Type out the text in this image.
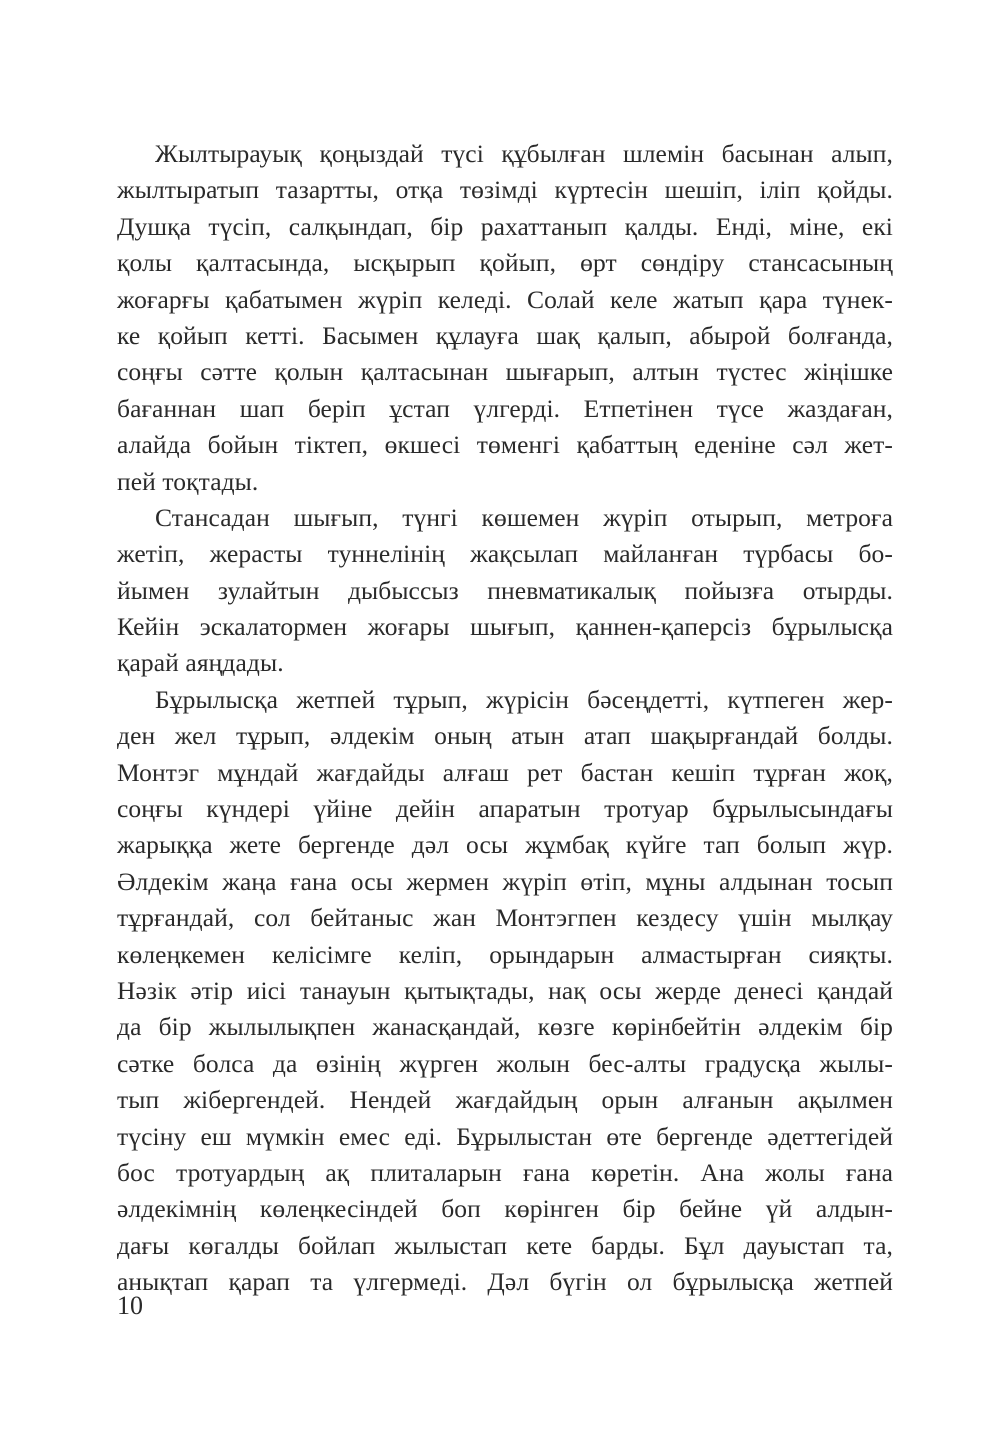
Жылтырауық қоңыздай түсі құбылған шлемін басынан алып,
жылтыратып тазартты, отқа төзімді күртесін шешіп, іліп қойды.
Душқа түсіп, салқындап, бір рахаттанып қалды. Енді, міне, екі
қолы қалтасында, ысқырып қойып, өрт сөндіру стансасының
жоғарғы қабатымен жүріп келеді. Солай келе жатып қара түнек-
ке қойып кетті. Басымен құлауға шақ қалып, абырой болғанда,
соңғы сәтте қолын қалтасынан шығарып, алтын түстес жіңішке
бағаннан шап беріп ұстап үлгерді. Етпетінен түсе жаздаған,
алайда бойын тіктеп, өкшесі төменгі қабаттың еденіне сәл жет-
пей тоқтады.
Стансадан шығып, түнгі көшемен жүріп отырып, метроға
жетіп, жерасты туннелінің жақсылап майланған түрбасы бо-
йымен зулайтын дыбыссыз пневматикалық пойызға отырды.
Кейін эскалатормен жоғары шығып, қаннен-қаперсіз бұрылысқа
қарай аяңдады.
Бұрылысқа жетпей тұрып, жүрісін бәсеңдетті, күтпеген жер-
ден жел тұрып, әлдекім оның атын атап шақырғандай болды.
Монтэг мұндай жағдайды алғаш рет бастан кешіп тұрған жоқ,
соңғы күндері үйіне дейін апаратын тротуар бұрылысындағы
жарыққа жете бергенде дәл осы жұмбақ күйге тап болып жүр.
Әлдекім жаңа ғана осы жермен жүріп өтіп, мұны алдынан тосып
тұрғандай, сол бейтаныс жан Монтэгпен кездесу үшін мылқау
көлеңкемен келісімге келіп, орындарын алмастырған сияқты.
Нәзік әтір иісі танауын қытықтады, нақ осы жерде денесі қандай
да бір жылылықпен жанасқандай, көзге көрінбейтін әлдекім бір
сәтке болса да өзінің жүрген жолын бес-алты градусқа жылы-
тып жібергендей. Нендей жағдайдың орын алғанын ақылмен
түсіну еш мүмкін емес еді. Бұрылыстан өте бергенде әдеттегідей
бос тротуардың ақ плиталарын ғана көретін. Ана жолы ғана
әлдекімнің көлеңкесіндей боп көрінген бір бейне үй алдын-
дағы көгалды бойлап жылыстап кете барды. Бұл дауыстап та,
анықтап қарап та үлгермеді. Дәл бүгін ол бұрылысқа жетпей
10
